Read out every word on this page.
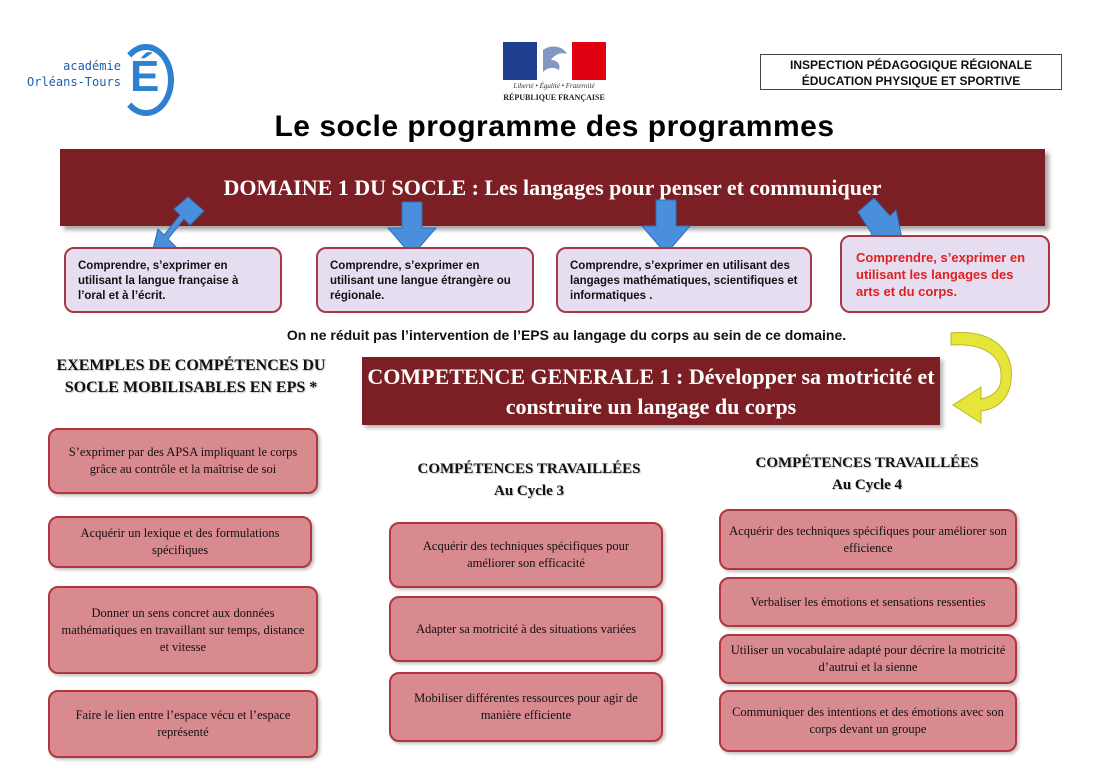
académie
Orléans-Tours É	Liberté • Égalité • Fraternité
RÉPUBLIQUE FRANÇAISE
INSPECTION PÉDAGOGIQUE RÉGIONALE
ÉDUCATION PHYSIQUE ET SPORTIVE
Le socle programme des programmes
DOMAINE 1 DU SOCLE : Les langages pour penser et communiquer
Comprendre, s’exprimer en utilisant la langue française à l’oral et à l’écrit.
Comprendre, s’exprimer en utilisant une langue étrangère ou régionale.
Comprendre, s’exprimer en utilisant des langages mathématiques, scientifiques et informatiques .
Comprendre, s’exprimer en utilisant les langages des arts et du corps.
On ne réduit pas l’intervention de l’EPS au langage du corps au sein de ce domaine.
EXEMPLES DE COMPÉTENCES DU SOCLE MOBILISABLES EN EPS *	COMPETENCE GENERALE 1 : Développer sa motricité et construire un langage du corps
S’exprimer par des APSA impliquant le corps grâce au contrôle et la maîtrise de soi
Acquérir un lexique et des formulations spécifiques
Donner un sens concret aux données mathématiques en travaillant sur temps, distance et vitesse
Faire le lien entre l’espace vécu et l’espace représenté
COMPÉTENCES TRAVAILLÉES
Au Cycle 3
Acquérir des techniques spécifiques pour améliorer son efficacité
Adapter sa motricité à des situations variées
Mobiliser différentes ressources pour agir de manière efficiente
COMPÉTENCES TRAVAILLÉES
Au Cycle 4
Acquérir des techniques spécifiques pour améliorer son efficience
Verbaliser les émotions et sensations ressenties
Utiliser un vocabulaire adapté pour décrire la motricité d’autrui et la sienne
Communiquer des intentions et des émotions avec son corps devant un groupe
